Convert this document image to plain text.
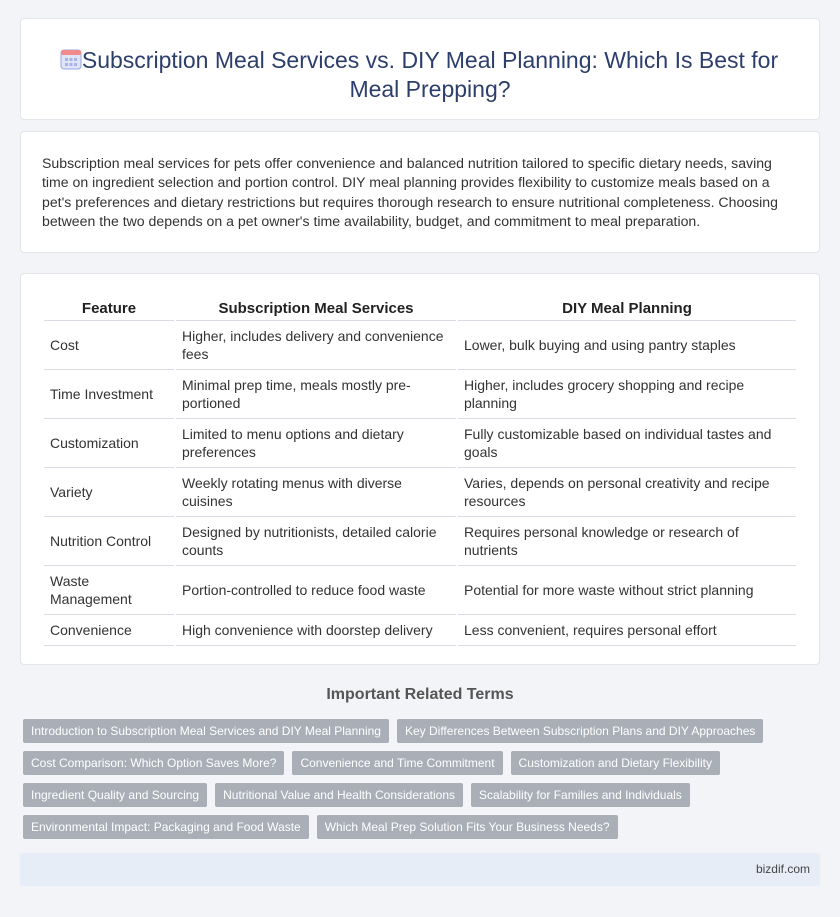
Subscription Meal Services vs. DIY Meal Planning: Which Is Best for Meal Prepping?

Subscription meal services for pets offer convenience and balanced nutrition tailored to specific dietary needs, saving time on ingredient selection and portion control. DIY meal planning provides flexibility to customize meals based on a pet's preferences and dietary restrictions but requires thorough research to ensure nutritional completeness. Choosing between the two depends on a pet owner's time availability, budget, and commitment to meal preparation.

Feature	Subscription Meal Services	DIY Meal Planning
Cost	Higher, includes delivery and convenience fees	Lower, bulk buying and using pantry staples
Time Investment	Minimal prep time, meals mostly pre-portioned	Higher, includes grocery shopping and recipe planning
Customization	Limited to menu options and dietary preferences	Fully customizable based on individual tastes and goals
Variety	Weekly rotating menus with diverse cuisines	Varies, depends on personal creativity and recipe resources
Nutrition Control	Designed by nutritionists, detailed calorie counts	Requires personal knowledge or research of nutrients
Waste Management	Portion-controlled to reduce food waste	Potential for more waste without strict planning
Convenience	High convenience with doorstep delivery	Less convenient, requires personal effort
Important Related Terms
Introduction to Subscription Meal Services and DIY Meal Planning	Key Differences Between Subscription Plans and DIY Approaches
Cost Comparison: Which Option Saves More?	Convenience and Time Commitment	Customization and Dietary Flexibility
Ingredient Quality and Sourcing	Nutritional Value and Health Considerations	Scalability for Families and Individuals
Environmental Impact: Packaging and Food Waste	Which Meal Prep Solution Fits Your Business Needs?
bizdif.com
